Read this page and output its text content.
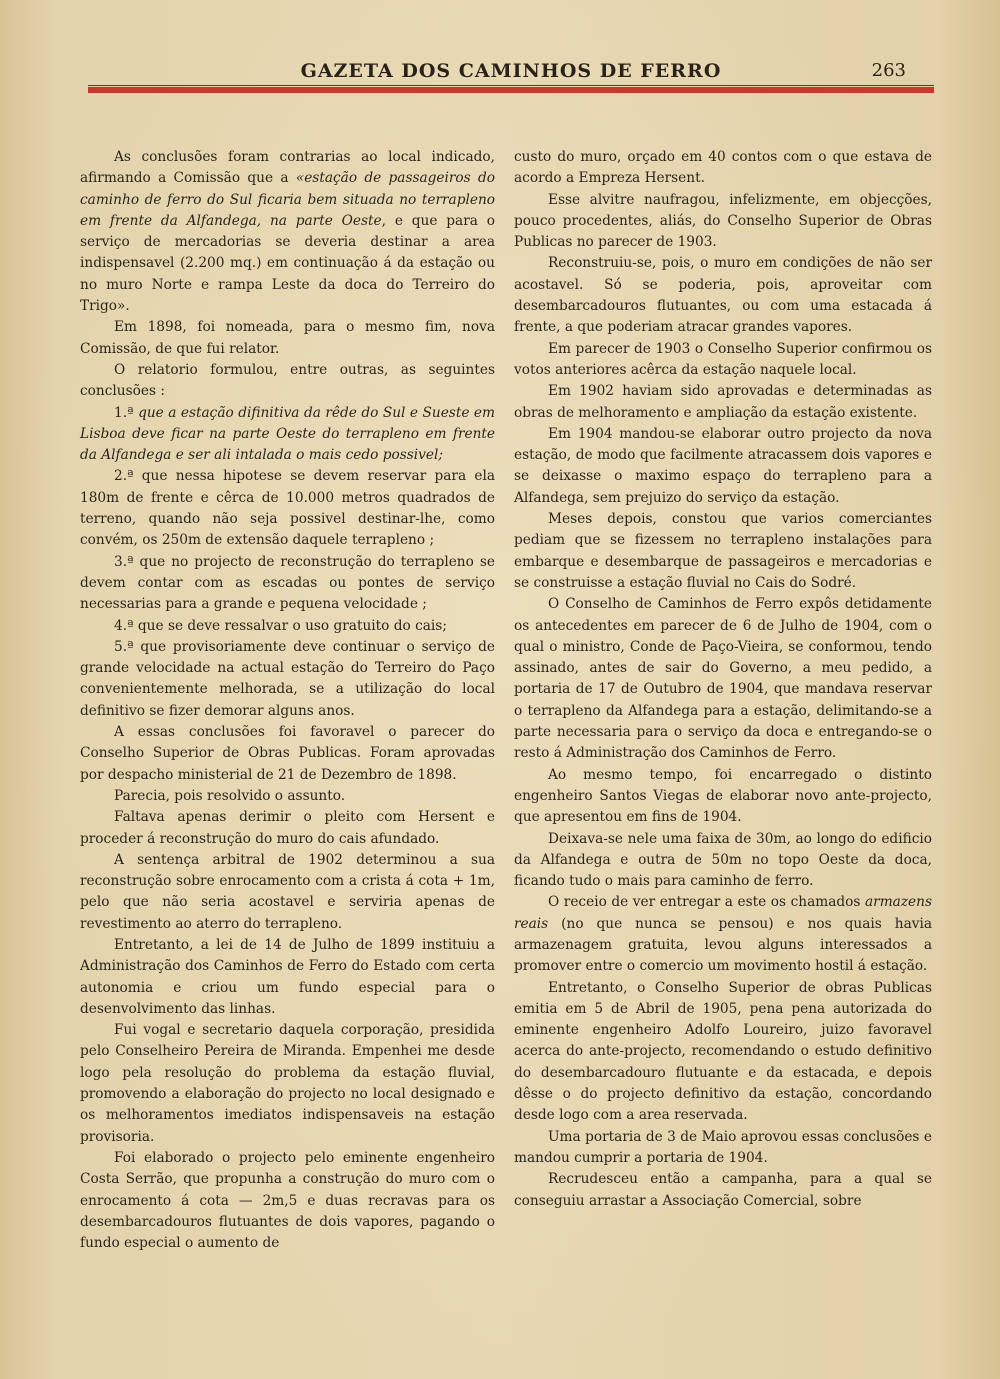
GAZETA DOS CAMINHOS DE FERRO	263

As conclusões foram contrarias ao local indicado, afirmando a Comissão que a «estação de passageiros do caminho de ferro do Sul ficaria bem situada no terrapleno em frente da Alfandega, na parte Oeste, e que para o serviço de mercadorias se deveria destinar a area indispensavel (2.200 mq.) em continuação á da estação ou no muro Norte e rampa Leste da doca do Terreiro do Trigo».

Em 1898, foi nomeada, para o mesmo fim, nova Comissão, de que fui relator.

O relatorio formulou, entre outras, as seguintes conclusões :

1.ª que a estação difinitiva da rêde do Sul e Sueste em Lisboa deve ficar na parte Oeste do terrapleno em frente da Alfandega e ser ali intalada o mais cedo possivel;

2.ª que nessa hipotese se devem reservar para ela 180m de frente e cêrca de 10.000 metros quadrados de terreno, quando não seja possivel destinar-lhe, como convém, os 250m de extensão daquele terrapleno ;

3.ª que no projecto de reconstrução do terrapleno se devem contar com as escadas ou pontes de serviço necessarias para a grande e pequena velocidade ;

4.ª que se deve ressalvar o uso gratuito do cais;

5.ª que provisoriamente deve continuar o serviço de grande velocidade na actual estação do Terreiro do Paço convenientemente melhorada, se a utilização do local definitivo se fizer demorar alguns anos.

A essas conclusões foi favoravel o parecer do Conselho Superior de Obras Publicas. Foram aprovadas por despacho ministerial de 21 de Dezembro de 1898.

Parecia, pois resolvido o assunto.

Faltava apenas derimir o pleito com Hersent e proceder á reconstrução do muro do cais afundado.

A sentença arbitral de 1902 determinou a sua reconstrução sobre enrocamento com a crista á cota + 1m, pelo que não seria acostavel e serviria apenas de revestimento ao aterro do terrapleno.

Entretanto, a lei de 14 de Julho de 1899 instituiu a Administração dos Caminhos de Ferro do Estado com certa autonomia e criou um fundo especial para o desenvolvimento das linhas.

Fui vogal e secretario daquela corporação, presidida pelo Conselheiro Pereira de Miranda. Empenhei me desde logo pela resolução do problema da estação fluvial, promovendo a elaboração do projecto no local designado e os melhoramentos imediatos indispensaveis na estação provisoria.

Foi elaborado o projecto pelo eminente engenheiro Costa Serrão, que propunha a construção do muro com o enrocamento á cota — 2m,5 e duas recravas para os desembarcadouros flutuantes de dois vapores, pagando o fundo especial o aumento de

custo do muro, orçado em 40 contos com o que estava de acordo a Empreza Hersent.

Esse alvitre naufragou, infelizmente, em objecções, pouco procedentes, aliás, do Conselho Superior de Obras Publicas no parecer de 1903.

Reconstruiu-se, pois, o muro em condições de não ser acostavel. Só se poderia, pois, aproveitar com desembarcadouros flutuantes, ou com uma estacada á frente, a que poderiam atracar grandes vapores.

Em parecer de 1903 o Conselho Superior confirmou os votos anteriores acêrca da estação naquele local.

Em 1902 haviam sido aprovadas e determinadas as obras de melhoramento e ampliação da estação existente.

Em 1904 mandou-se elaborar outro projecto da nova estação, de modo que facilmente atracassem dois vapores e se deixasse o maximo espaço do terrapleno para a Alfandega, sem prejuizo do serviço da estação.

Meses depois, constou que varios comerciantes pediam que se fizessem no terrapleno instalações para embarque e desembarque de passageiros e mercadorias e se construisse a estação fluvial no Cais do Sodré.

O Conselho de Caminhos de Ferro expôs detidamente os antecedentes em parecer de 6 de Julho de 1904, com o qual o ministro, Conde de Paço-Vieira, se conformou, tendo assinado, antes de sair do Governo, a meu pedido, a portaria de 17 de Outubro de 1904, que mandava reservar o terrapleno da Alfandega para a estação, delimitando-se a parte necessaria para o serviço da doca e entregando-se o resto á Administração dos Caminhos de Ferro.

Ao mesmo tempo, foi encarregado o distinto engenheiro Santos Viegas de elaborar novo ante-projecto, que apresentou em fins de 1904.

Deixava-se nele uma faixa de 30m, ao longo do edificio da Alfandega e outra de 50m no topo Oeste da doca, ficando tudo o mais para caminho de ferro.

O receio de ver entregar a este os chamados armazens reais (no que nunca se pensou) e nos quais havia armazenagem gratuita, levou alguns interessados a promover entre o comercio um movimento hostil á estação.

Entretanto, o Conselho Superior de obras Publicas emitia em 5 de Abril de 1905, pena pena autorizada do eminente engenheiro Adolfo Loureiro, juizo favoravel acerca do ante-projecto, recomendando o estudo definitivo do desembarcadouro flutuante e da estacada, e depois dêsse o do projecto definitivo da estação, concordando desde logo com a area reservada.

Uma portaria de 3 de Maio aprovou essas conclusões e mandou cumprir a portaria de 1904.

Recrudesceu então a campanha, para a qual se conseguiu arrastar a Associação Comercial, sobre
